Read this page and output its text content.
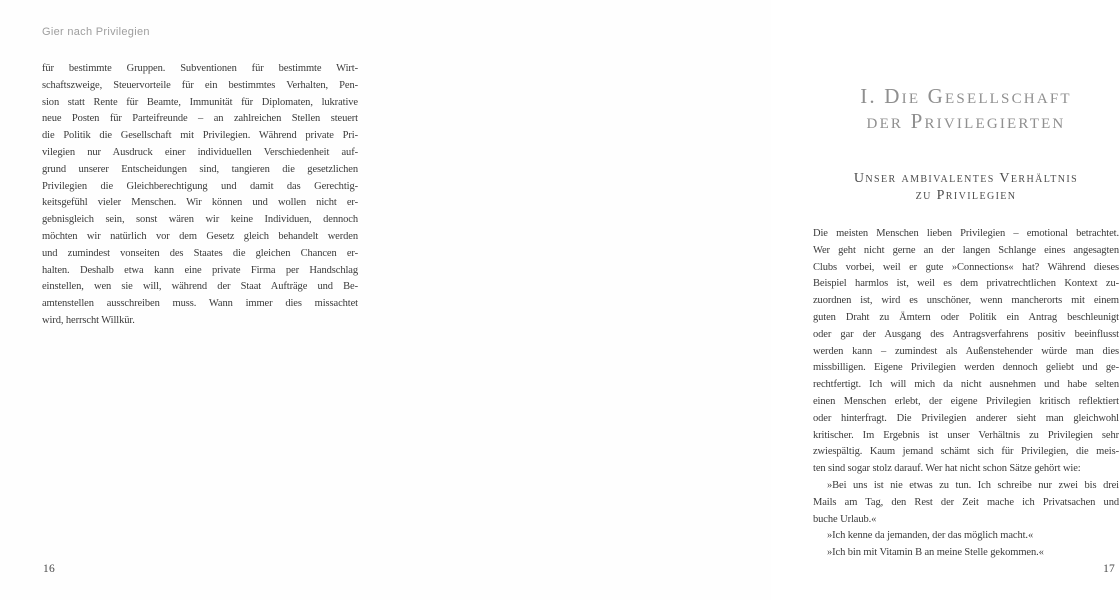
Gier nach Privilegien
für bestimmte Gruppen. Subventionen für bestimmte Wirt-
schaftszweige, Steuervorteile für ein bestimmtes Verhalten, Pen-
sion statt Rente für Beamte, Immunität für Diplomaten, lukrative
neue Posten für Parteifreunde – an zahlreichen Stellen steuert
die Politik die Gesellschaft mit Privilegien. Während private Pri-
vilegien nur Ausdruck einer individuellen Verschiedenheit auf-
grund unserer Entscheidungen sind, tangieren die gesetzlichen
Privilegien die Gleichberechtigung und damit das Gerechtig-
keitsgefühl vieler Menschen. Wir können und wollen nicht er-
gebnisgleich sein, sonst wären wir keine Individuen, dennoch
möchten wir natürlich vor dem Gesetz gleich behandelt werden
und zumindest vonseiten des Staates die gleichen Chancen er-
halten. Deshalb etwa kann eine private Firma per Handschlag
einstellen, wen sie will, während der Staat Aufträge und Be-
amtenstellen ausschreiben muss. Wann immer dies missachtet
wird, herrscht Willkür.
16
I. Die Gesellschaft
der Privilegierten
Unser ambivalentes Verhältnis
zu Privilegien
Die meisten Menschen lieben Privilegien – emotional betrachtet.
Wer geht nicht gerne an der langen Schlange eines angesagten
Clubs vorbei, weil er gute »Connections« hat? Während dieses
Beispiel harmlos ist, weil es dem privatrechtlichen Kontext zu-
zuordnen ist, wird es unschöner, wenn mancherorts mit einem
guten Draht zu Ämtern oder Politik ein Antrag beschleunigt
oder gar der Ausgang des Antragsverfahrens positiv beeinflusst
werden kann – zumindest als Außenstehender würde man dies
missbilligen. Eigene Privilegien werden dennoch geliebt und ge-
rechtfertigt. Ich will mich da nicht ausnehmen und habe selten
einen Menschen erlebt, der eigene Privilegien kritisch reflektiert
oder hinterfragt. Die Privilegien anderer sieht man gleichwohl
kritischer. Im Ergebnis ist unser Verhältnis zu Privilegien sehr
zwiespältig. Kaum jemand schämt sich für Privilegien, die meis-
ten sind sogar stolz darauf. Wer hat nicht schon Sätze gehört wie:
»Bei uns ist nie etwas zu tun. Ich schreibe nur zwei bis drei
Mails am Tag, den Rest der Zeit mache ich Privatsachen und
buche Urlaub.«
»Ich kenne da jemanden, der das möglich macht.«
»Ich bin mit Vitamin B an meine Stelle gekommen.«
17
